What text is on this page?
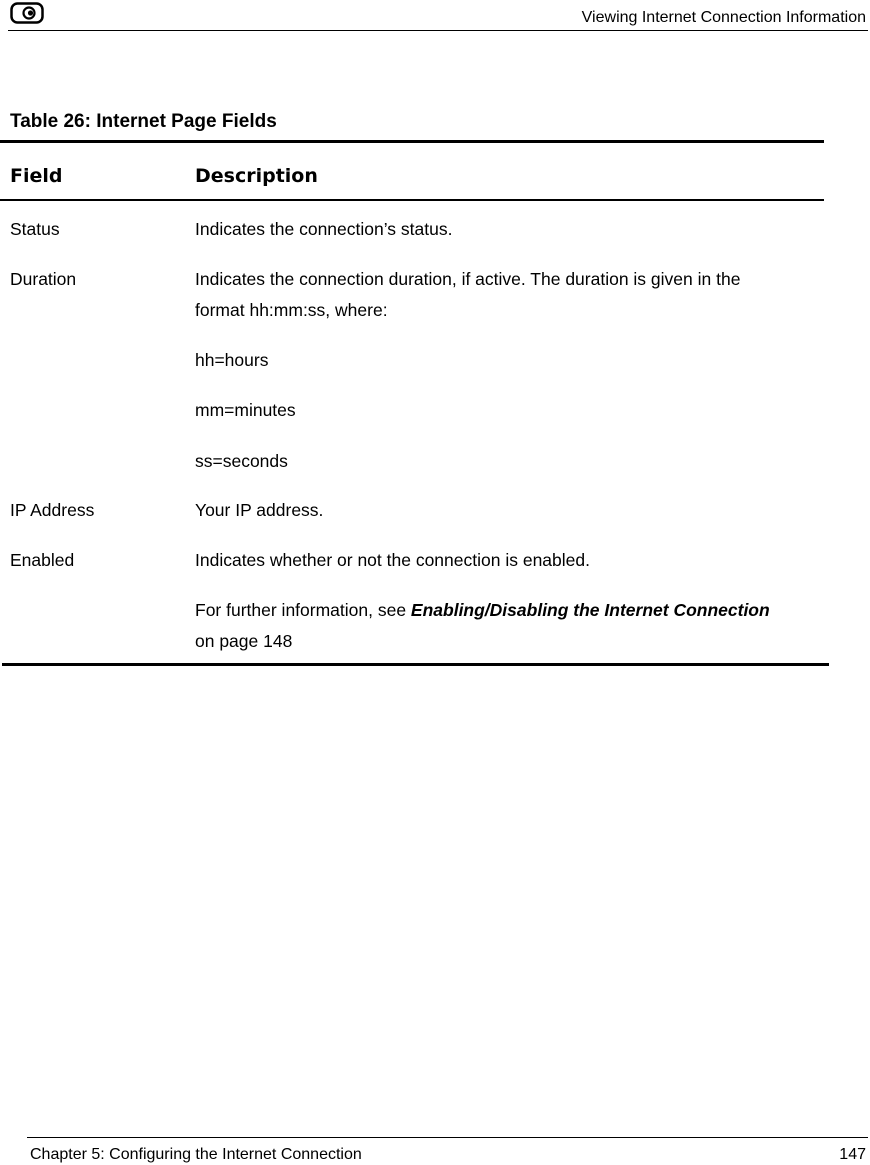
Viewing Internet Connection Information
Table 26: Internet Page Fields
Field	Description
Status	Indicates the connection’s status.
Duration	Indicates the connection duration, if active. The duration is given in the
format hh:mm:ss, where:
hh=hours
mm=minutes
ss=seconds
IP Address	Your IP address.
Enabled	Indicates whether or not the connection is enabled.
For further information, see Enabling/Disabling the Internet Connection
on page 148
Chapter 5: Configuring the Internet Connection	147
